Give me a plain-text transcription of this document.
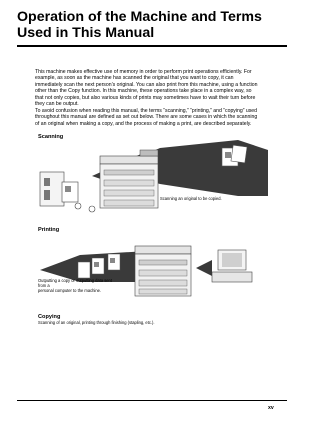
Operation of the Machine and Terms Used in This Manual

This machine makes effective use of memory in order to perform print operations efficiently. For

example, as soon as the machine has scanned the original that you want to copy, it can

immediately scan the next person’s original. You can also print from this machine, using a function

other than the Copy function. In this machine, these operations take place in a complex way, so

that not only copies, but also various kinds of prints may sometimes have to wait their turn before

they can be output.

To avoid confusion when reading this manual, the terms “scanning,” “printing,” and “copying” used

throughout this manual are defined as set out below. There are some cases in which the scanning

of an original when making a copy, and the process of making a print, are described separately.

Scanning

Scanning an original to be copied.

Printing

Outputting a copy or outputting data sent from a

personal computer to the machine.

Copying

Scanning of an original, printing through finishing (stapling, etc.).

xv
